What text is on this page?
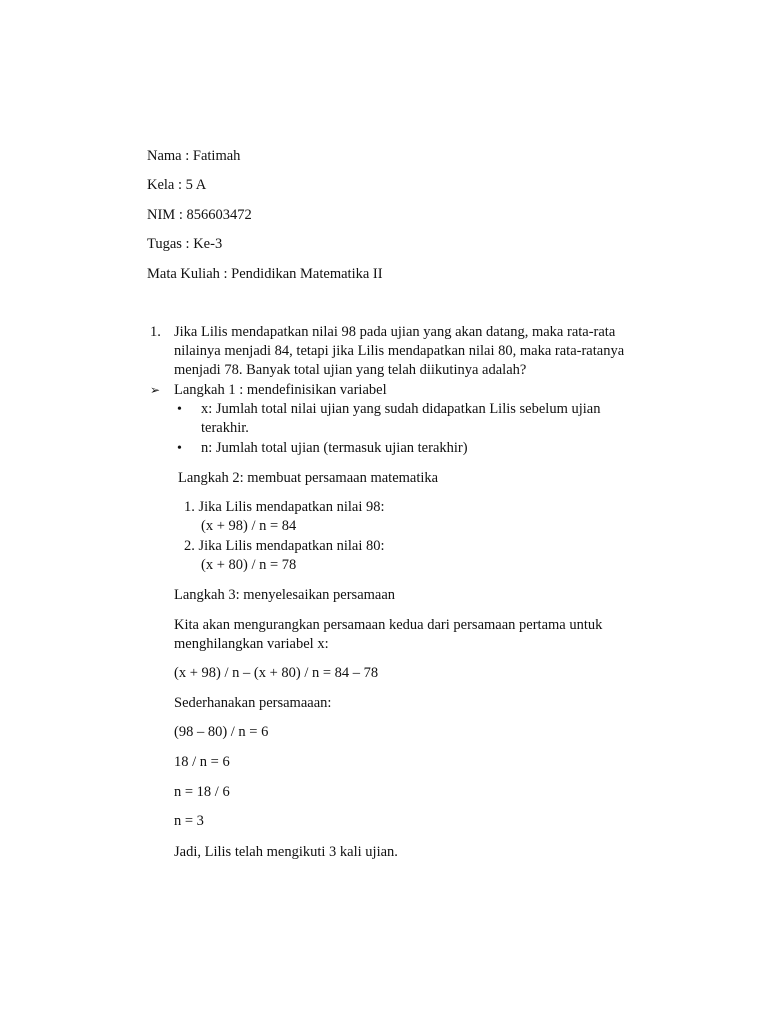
Nama : Fatimah
Kela : 5 A
NIM : 856603472
Tugas : Ke-3
Mata Kuliah : Pendidikan Matematika II
1. Jika Lilis mendapatkan nilai 98 pada ujian yang akan datang, maka rata-rata
nilainya menjadi 84, tetapi jika Lilis mendapatkan nilai 80, maka rata-ratanya
menjadi 78. Banyak total ujian yang telah diikutinya adalah?
➢ Langkah 1 : mendefinisikan variabel
• x: Jumlah total nilai ujian yang sudah didapatkan Lilis sebelum ujian
terakhir.
• n: Jumlah total ujian (termasuk ujian terakhir)
Langkah 2: membuat persamaan matematika
1. Jika Lilis mendapatkan nilai 98:
(x + 98) / n = 84
2. Jika Lilis mendapatkan nilai 80:
(x + 80) / n = 78
Langkah 3: menyelesaikan persamaan
Kita akan mengurangkan persamaan kedua dari persamaan pertama untuk
menghilangkan variabel x:
(x + 98) / n – (x + 80) / n = 84 – 78
Sederhanakan persamaaan:
(98 – 80) / n = 6
18 / n = 6
n = 18 / 6
n = 3
Jadi, Lilis telah mengikuti 3 kali ujian.
